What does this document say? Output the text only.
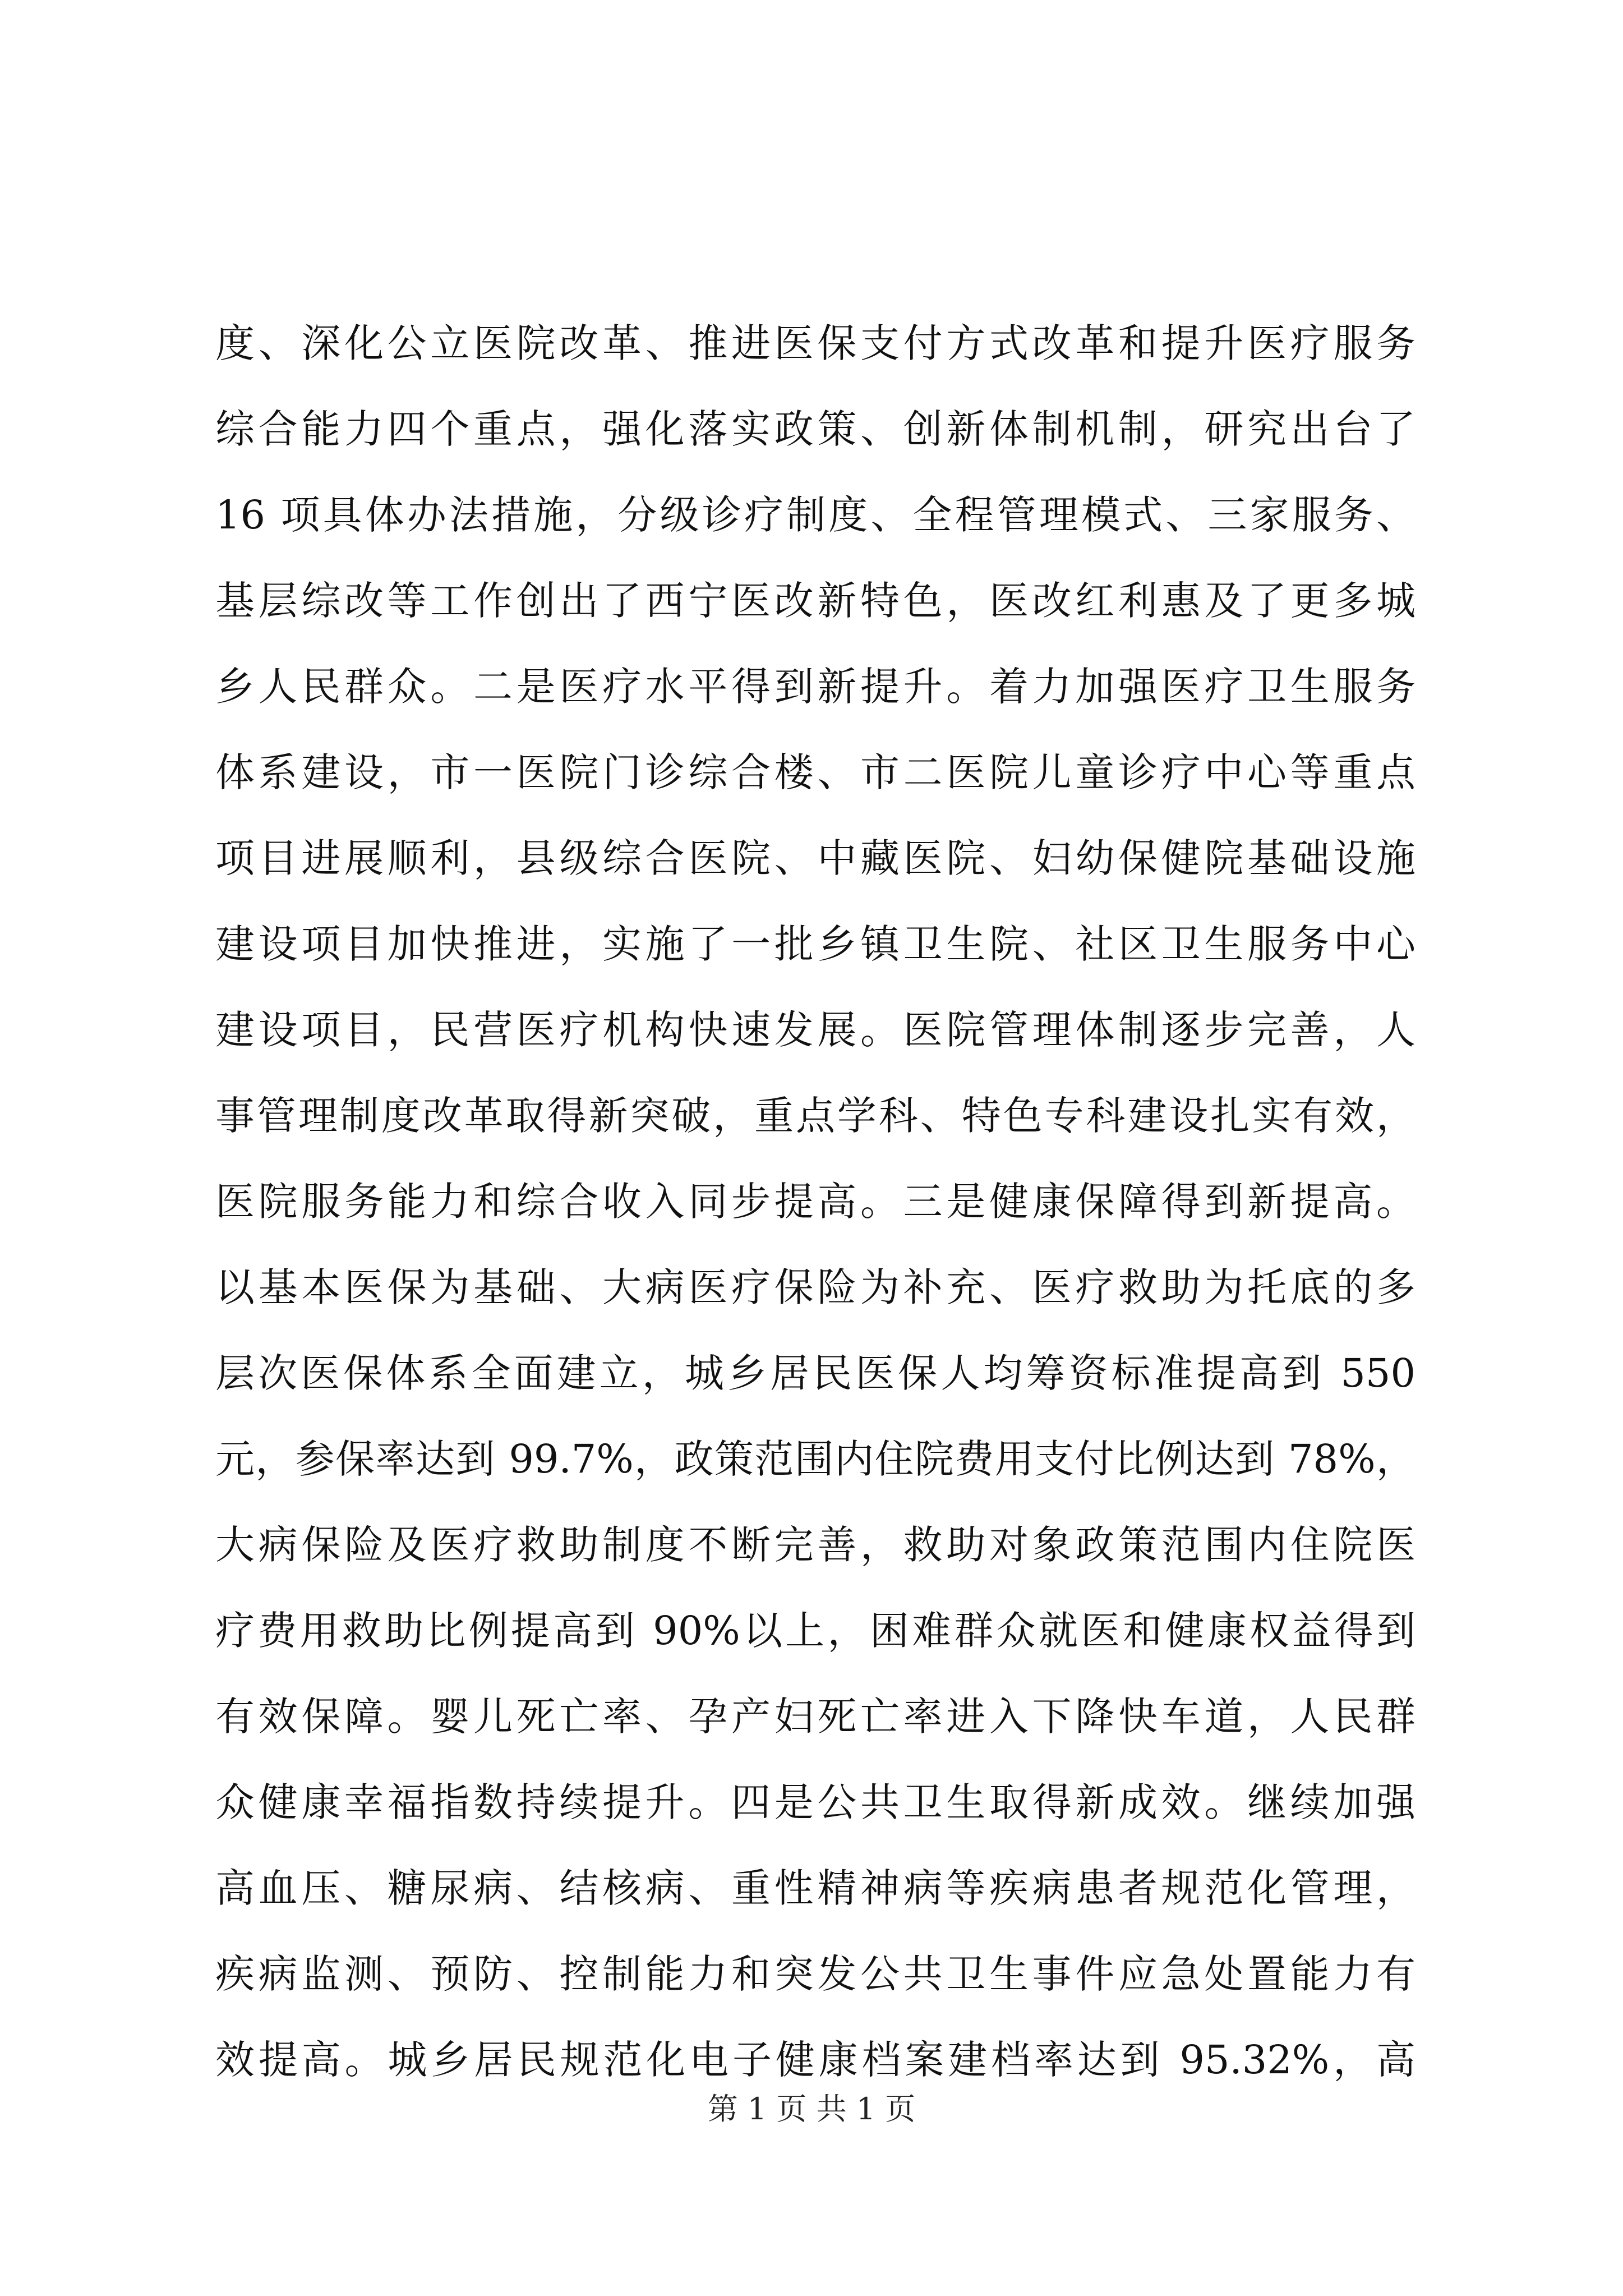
度、深化公立医院改革、推进医保支付方式改革和提升医疗服务
综合能力四个重点，强化落实政策、创新体制机制，研究出台了
16 项具体办法措施，分级诊疗制度、全程管理模式、三家服务、
基层综改等工作创出了西宁医改新特色，医改红利惠及了更多城
乡人民群众。二是医疗水平得到新提升。着力加强医疗卫生服务
体系建设，市一医院门诊综合楼、市二医院儿童诊疗中心等重点
项目进展顺利，县级综合医院、中藏医院、妇幼保健院基础设施
建设项目加快推进，实施了一批乡镇卫生院、社区卫生服务中心
建设项目，民营医疗机构快速发展。医院管理体制逐步完善，人
事管理制度改革取得新突破，重点学科、特色专科建设扎实有效，
医院服务能力和综合收入同步提高。三是健康保障得到新提高。
以基本医保为基础、大病医疗保险为补充、医疗救助为托底的多
层次医保体系全面建立，城乡居民医保人均筹资标准提高到 550
元，参保率达到 99.7%，政策范围内住院费用支付比例达到 78%，
大病保险及医疗救助制度不断完善，救助对象政策范围内住院医
疗费用救助比例提高到 90%以上，困难群众就医和健康权益得到
有效保障。婴儿死亡率、孕产妇死亡率进入下降快车道，人民群
众健康幸福指数持续提升。四是公共卫生取得新成效。继续加强
高血压、糖尿病、结核病、重性精神病等疾病患者规范化管理，
疾病监测、预防、控制能力和突发公共卫生事件应急处置能力有
效提高。城乡居民规范化电子健康档案建档率达到 95.32%，高
第 1 页 共 1 页
